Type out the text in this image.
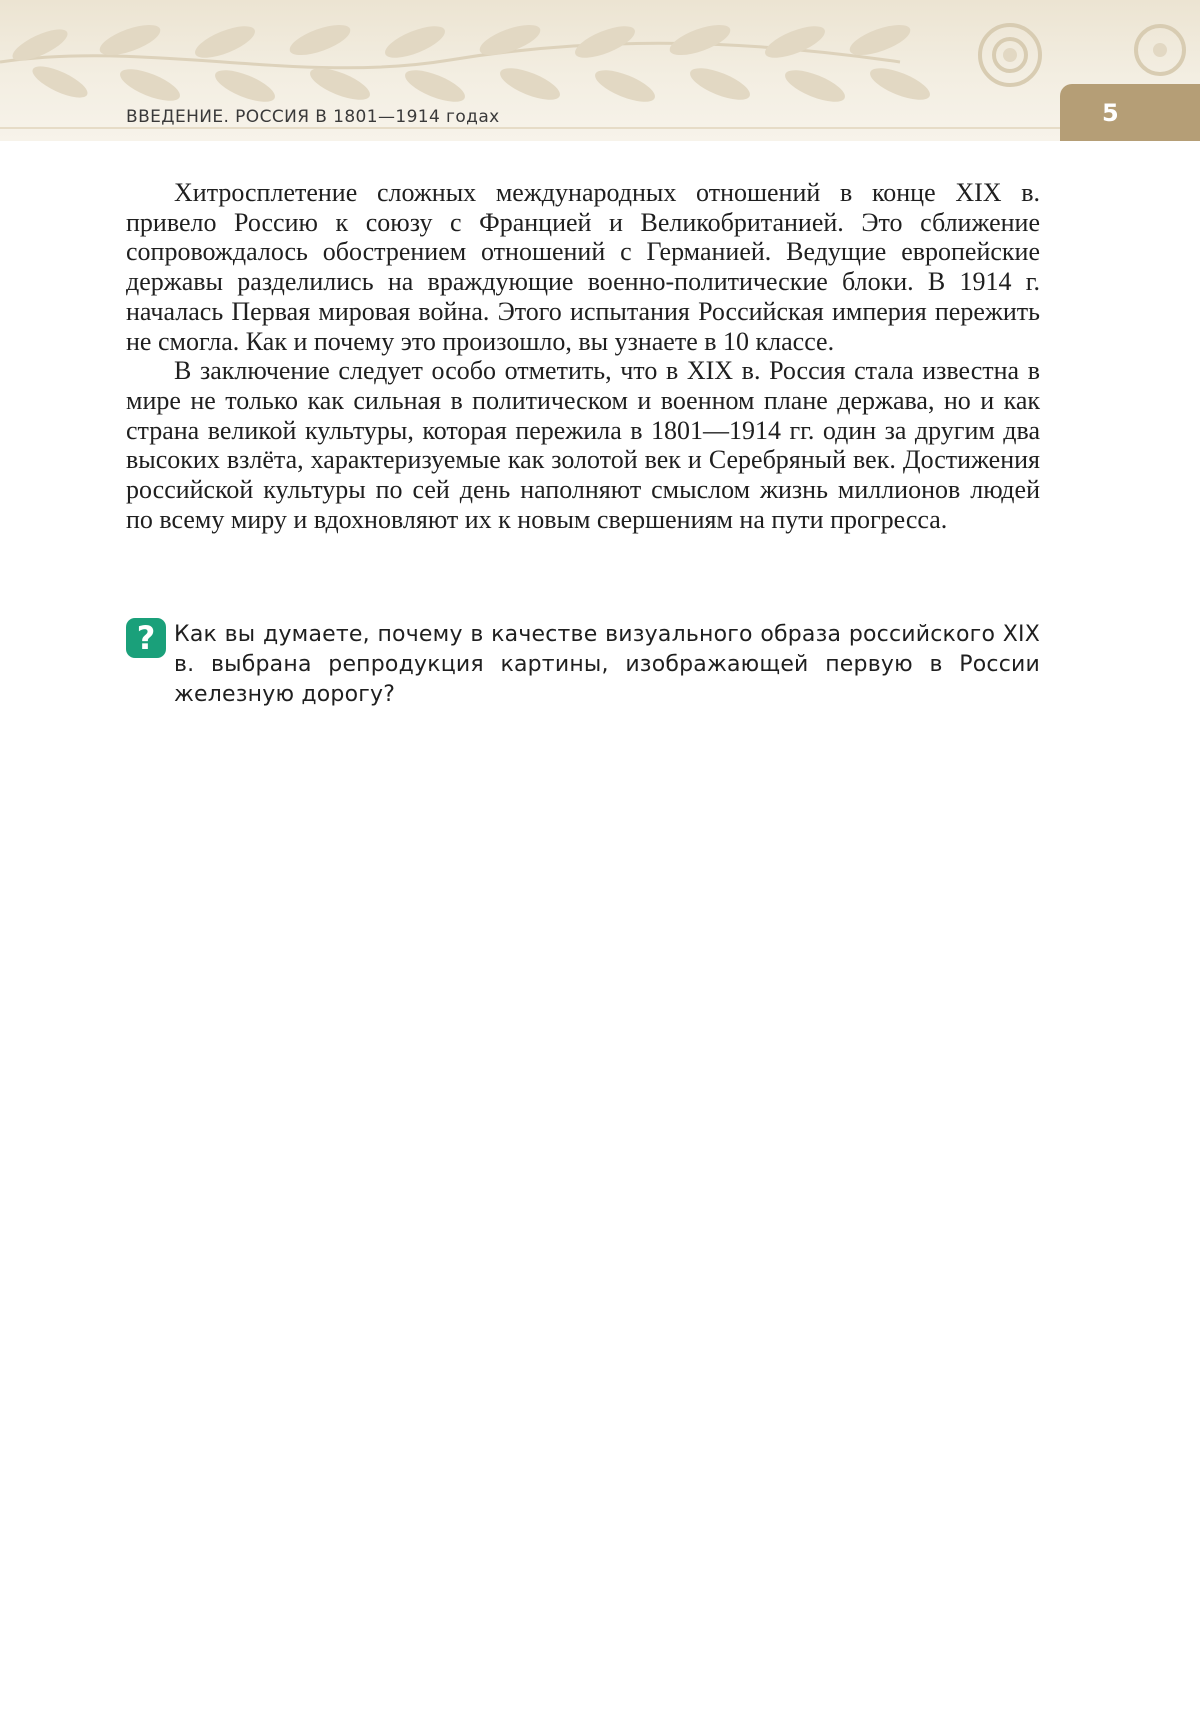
ВВЕДЕНИЕ. РОССИЯ В 1801—1914 годах	5

Хитросплетение сложных международных отношений в конце XIX в. привело Россию к союзу с Францией и Великобританией. Это сближение сопровождалось обострением отношений с Германией. Ведущие европейские державы разделились на враждующие военно-политические блоки. В 1914 г. началась Первая мировая война. Этого испытания Российская империя пережить не смогла. Как и почему это произошло, вы узнаете в 10 классе.

В заключение следует особо отметить, что в XIX в. Россия стала известна в мире не только как сильная в политическом и военном плане держава, но и как страна великой культуры, которая пережила в 1801—1914 гг. один за другим два высоких взлёта, характеризуемые как золотой век и Серебряный век. Достижения российской культуры по сей день наполняют смыслом жизнь миллионов людей по всему миру и вдохновляют их к новым свершениям на пути прогресса.

? Как вы думаете, почему в качестве визуального образа российского XIX в. выбрана репродукция картины, изображающей первую в России железную дорогу?
